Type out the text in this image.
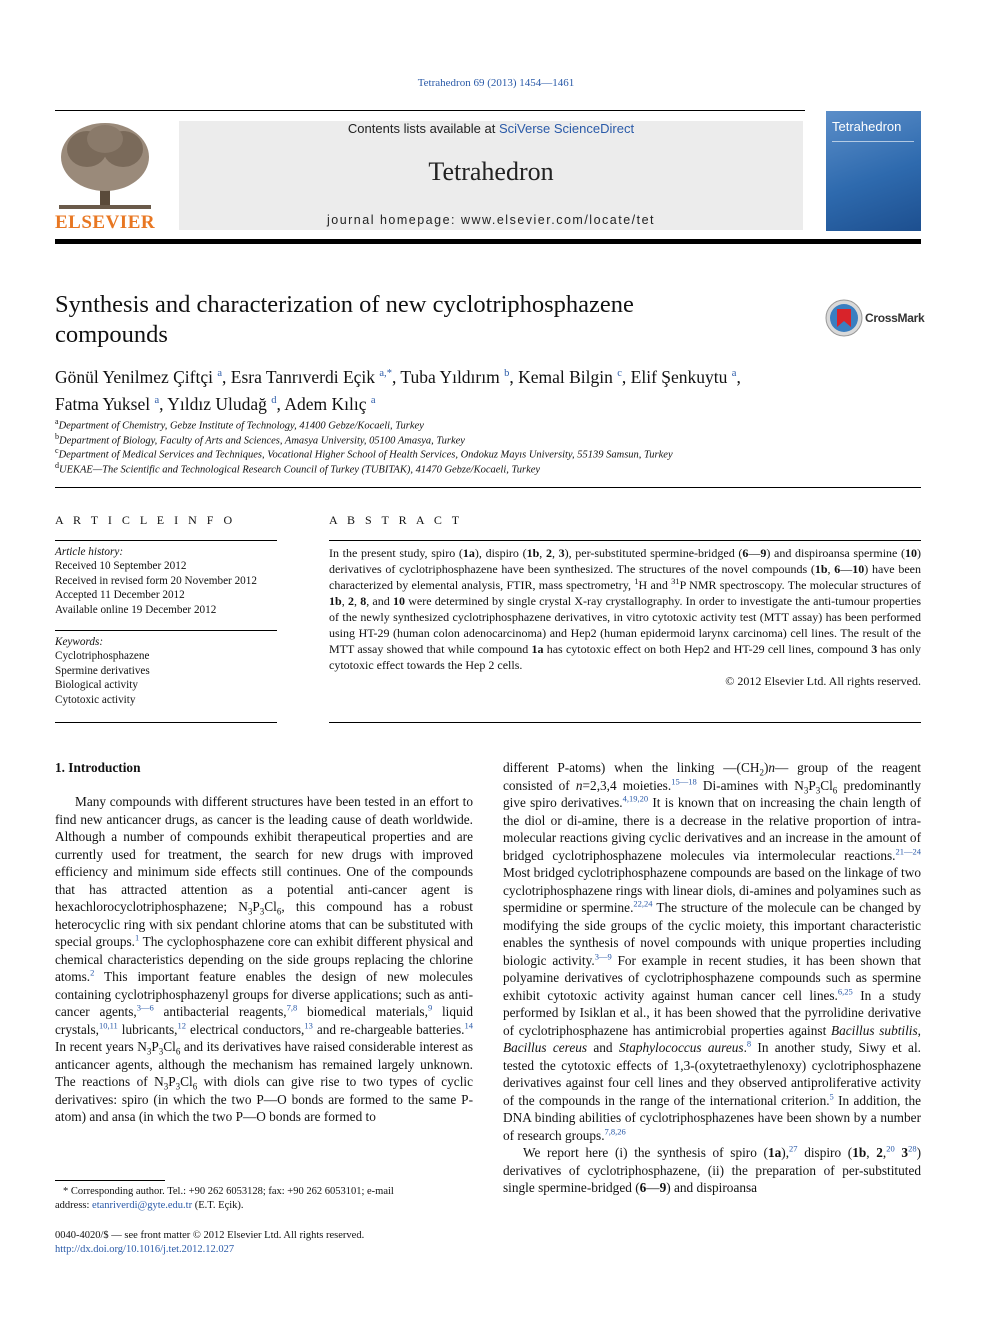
Tetrahedron 69 (2013) 1454—1461
ELSEVIER
Contents lists available at SciVerse ScienceDirect
Tetrahedron
journal homepage: www.elsevier.com/locate/tet
Tetrahedron
Synthesis and characterization of new cyclotriphosphazene
compounds
CrossMark
Gönül Yenilmez Çiftçi $^a$, Esra Tanrıverdi Eçik $^{a,*}$, Tuba Yıldırım $^b$, Kemal Bilgin $^c$, Elif Şenkuytu $^a$,
Fatma Yuksel $^a$, Yıldız Uludağ $^d$, Adem Kılıç $^a$
$^a$Department of Chemistry, Gebze Institute of Technology, 41400 Gebze/Kocaeli, Turkey
$^b$Department of Biology, Faculty of Arts and Sciences, Amasya University, 05100 Amasya, Turkey
$^c$Department of Medical Services and Techniques, Vocational Higher School of Health Services, Ondokuz Mayıs University, 55139 Samsun, Turkey
$^d$UEKAE—The Scientific and Technological Research Council of Turkey (TUBITAK), 41470 Gebze/Kocaeli, Turkey
A R T I C L E I N F O
Article history:
Received 10 September 2012
Received in revised form 20 November 2012
Accepted 11 December 2012
Available online 19 December 2012
Keywords:
Cyclotriphosphazene
Spermine derivatives
Biological activity
Cytotoxic activity
A B S T R A C T
In the present study, spiro (1a), dispiro (1b, 2, 3), per-substituted spermine-bridged (6—9) and dispiroansa spermine (10) derivatives of cyclotriphosphazene have been synthesized. The structures of the novel compounds (1b, 6—10) have been characterized by elemental analysis, FTIR, mass spectrometry, $^1$H and $^{31}$P NMR spectroscopy. The molecular structures of 1b, 2, 8, and 10 were determined by single crystal X-ray crystallography. In order to investigate the anti-tumour properties of the newly synthesized cyclotriphosphazene derivatives, in vitro cytotoxic activity test (MTT assay) has been performed using HT-29 (human colon adenocarcinoma) and Hep2 (human epidermoid larynx carcinoma) cell lines. The result of the MTT assay showed that while compound 1a has cytotoxic effect on both Hep2 and HT-29 cell lines, compound 3 has only cytotoxic effect towards the Hep 2 cells.
© 2012 Elsevier Ltd. All rights reserved.
1. Introduction

Many compounds with different structures have been tested in an effort to find new anticancer drugs, as cancer is the leading cause of death worldwide. Although a number of compounds exhibit therapeutical properties and are currently used for treatment, the search for new drugs with improved efficiency and minimum side effects still continues. One of the compounds that has attracted attention as a potential anti-cancer agent is hexachlorocyclotriphosphazene; $N_3P_3Cl_6$, this compound has a robust heterocyclic ring with six pendant chlorine atoms that can be substituted with special groups.$^1$ The cyclophosphazene core can exhibit different physical and chemical characteristics depending on the side groups replacing the chlorine atoms.$^2$ This important feature enables the design of new molecules containing cyclotriphosphazenyl groups for diverse applications; such as anti-cancer agents,$^{3—6}$ antibacterial reagents,$^{7,8}$ biomedical materials,$^9$ liquid crystals,$^{10,11}$ lubricants,$^{12}$ electrical conductors,$^{13}$ and re-chargeable batteries.$^{14}$ In recent years $N_3P_3Cl_6$ and its derivatives have raised considerable interest as anticancer agents, although the mechanism has remained largely unknown. The reactions of $N_3P_3Cl_6$ with diols can give rise to two types of cyclic derivatives: spiro (in which the two P—O bonds are formed to the same P-atom) and ansa (in which the two P—O bonds are formed to

different P-atoms) when the linking $—(CH_2)n—$ group of the reagent consisted of n=2,3,4 moieties.$^{15—18}$ Di-amines with $N_3P_3Cl_6$ predominantly give spiro derivatives.$^{4,19,20}$ It is known that on increasing the chain length of the diol or di-amine, there is a decrease in the relative proportion of intra-molecular reactions giving cyclic derivatives and an increase in the amount of bridged cyclotriphosphazene molecules via intermolecular reactions.$^{21—24}$ Most bridged cyclotriphosphazene compounds are based on the linkage of two cyclotriphosphazene rings with linear diols, di-amines and polyamines such as spermidine or spermine.$^{22,24}$ The structure of the molecule can be changed by modifying the side groups of the cyclic moiety, this important characteristic enables the synthesis of novel compounds with unique properties including biologic activity.$^{3—9}$ For example in recent studies, it has been shown that polyamine derivatives of cyclotriphosphazene compounds such as spermine exhibit cytotoxic activity against human cancer cell lines.$^{6,25}$ In a study performed by Isiklan et al., it has been showed that the pyrrolidine derivative of cyclotriphosphazene has antimicrobial properties against Bacillus subtilis, Bacillus cereus and Staphylococcus aureus.$^8$ In another study, Siwy et al. tested the cytotoxic effects of 1,3-(oxytetraethylenoxy) cyclotriphosphazene derivatives against four cell lines and they observed antiproliferative activity of the compounds in the range of the international criterion.$^5$ In addition, the DNA binding abilities of cyclotriphosphazenes have been shown by a number of research groups.$^{7,8,26}$

We report here (i) the synthesis of spiro (1a),$^{27}$ dispiro (1b, 2,20 $3^{28}$) derivatives of cyclotriphosphazene, (ii) the preparation of per-substituted single spermine-bridged (6—9) and dispiroansa

* Corresponding author. Tel.: +90 262 6053128; fax: +90 262 6053101; e-mail
address: etanriverdi@gyte.edu.tr (E.T. Eçik).
0040-4020/$ — see front matter © 2012 Elsevier Ltd. All rights reserved.
http://dx.doi.org/10.1016/j.tet.2012.12.027
